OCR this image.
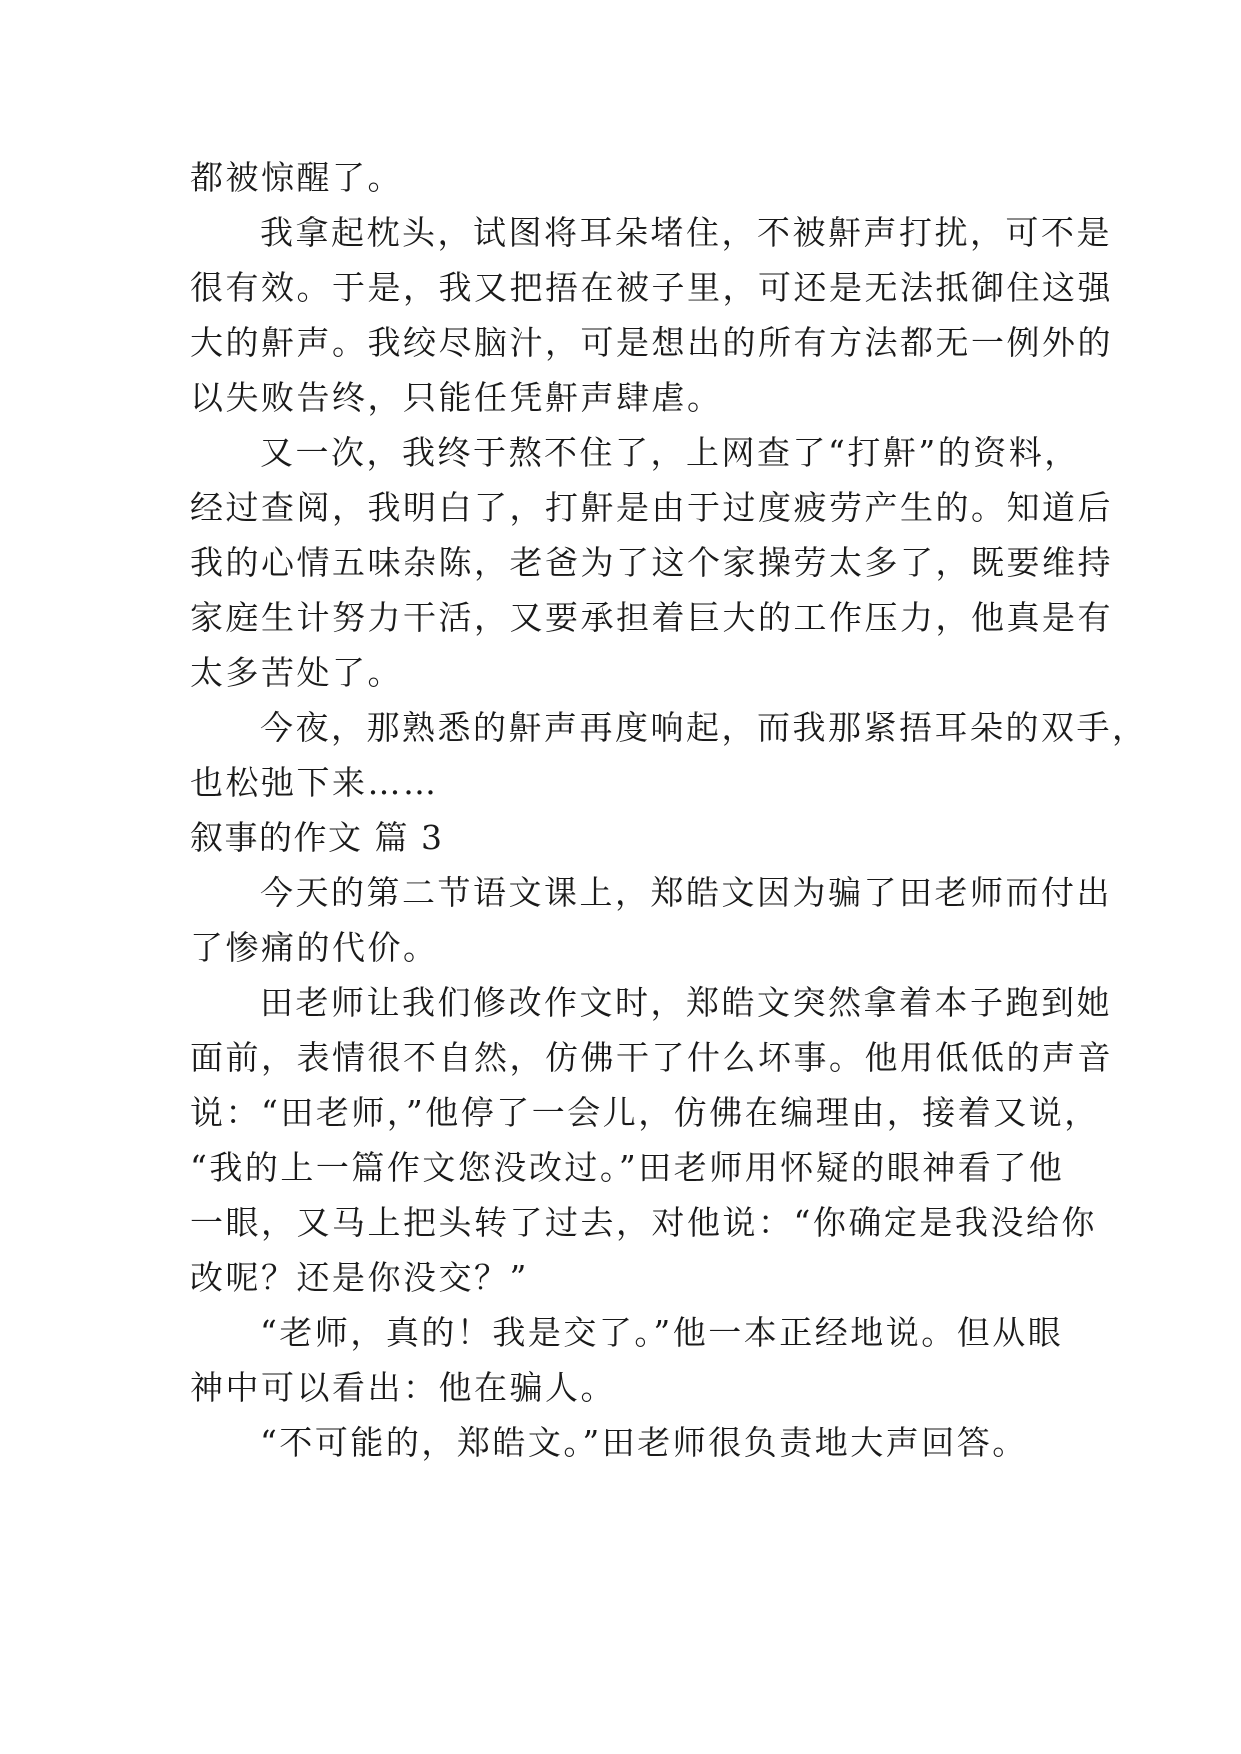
都被惊醒了。
我拿起枕头，试图将耳朵堵住，不被鼾声打扰，可不是
很有效。于是，我又把捂在被子里，可还是无法抵御住这强
大的鼾声。我绞尽脑汁，可是想出的所有方法都无一例外的
以失败告终，只能任凭鼾声肆虐。
又一次，我终于熬不住了，上网查了“打鼾”的资料，
经过查阅，我明白了，打鼾是由于过度疲劳产生的。知道后
我的心情五味杂陈，老爸为了这个家操劳太多了，既要维持
家庭生计努力干活，又要承担着巨大的工作压力，他真是有
太多苦处了。
今夜，那熟悉的鼾声再度响起，而我那紧捂耳朵的双手，
也松弛下来……
叙事的作文 篇 3
今天的第二节语文课上，郑皓文因为骗了田老师而付出
了惨痛的代价。
田老师让我们修改作文时，郑皓文突然拿着本子跑到她
面前，表情很不自然，仿佛干了什么坏事。他用低低的声音
说：“田老师，”他停了一会儿，仿佛在编理由，接着又说，
“我的上一篇作文您没改过。”田老师用怀疑的眼神看了他
一眼，又马上把头转了过去，对他说：“你确定是我没给你
改呢？还是你没交？”
“老师，真的！我是交了。”他一本正经地说。但从眼
神中可以看出：他在骗人。
“不可能的，郑皓文。”田老师很负责地大声回答。
